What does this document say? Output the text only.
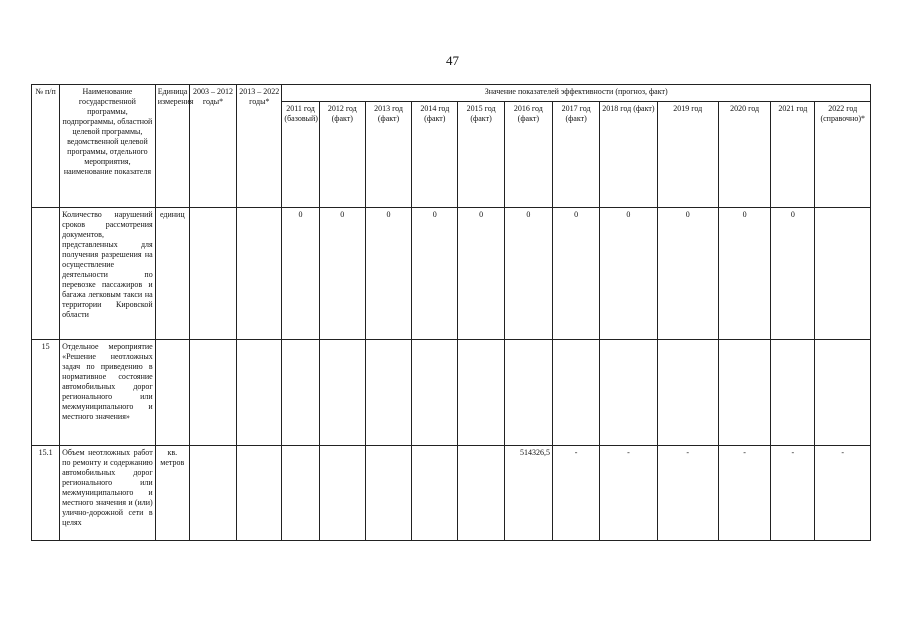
47
№ п/п	Наименование государственной программы, подпрограммы, областной целевой программы, ведомственной целевой программы, отдельного мероприятия, наименование показателя	Единица измерения	2003 – 2012 годы*	2013 – 2022 годы*	Значение показателей эффективности (прогноз, факт)											
					2011 год (базовый)	2012 год (факт)	2013 год (факт)	2014 год (факт)	2015 год (факт)	2016 год (факт)	2017 год (факт)	2018 год (факт)	2019 год	2020 год	2021 год	2022 год (справочно)*
	Количество нарушений сроков рассмотрения документов, представленных для получения разрешения на осуществление деятельности по перевозке пассажиров и багажа легковым такси на территории Кировской области	единиц			0	0	0	0	0	0	0	0	0	0	0	
15	Отдельное мероприятие «Решение неотложных задач по приведению в нормативное состояние автомобильных дорог регионального или межмуниципального и местного значения»															
15.1	Объем неотложных работ по ремонту и содержанию автомобильных дорог регионального или межмуниципального и местного значения и (или) улично-дорожной сети в целях	кв. метров								514326,5	-	-	-	-	-	-
